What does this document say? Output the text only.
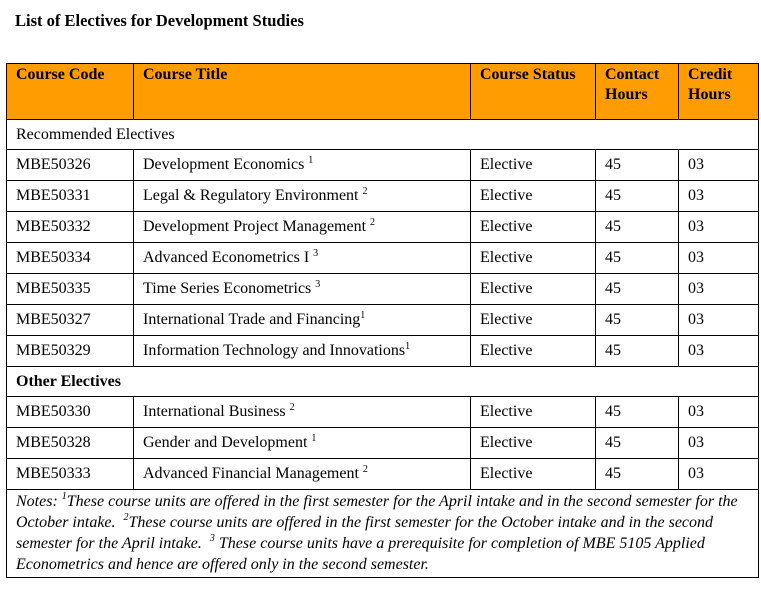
List of Electives for Development Studies
Course Code	Course Title	Course Status	Contact Hours	Credit Hours
Recommended Electives				
MBE50326	Development Economics $^1$	Elective	45	03
MBE50331	Legal & Regulatory Environment $^2$	Elective	45	03
MBE50332	Development Project Management $^2$	Elective	45	03
MBE50334	Advanced Econometrics I $^3$	Elective	45	03
MBE50335	Time Series Econometrics $^3$	Elective	45	03
MBE50327	International Trade and Financing$^1$	Elective	45	03
MBE50329	Information Technology and Innovations$^1$	Elective	45	03
Other Electives				
MBE50330	International Business $^2$	Elective	45	03
MBE50328	Gender and Development $^1$	Elective	45	03
MBE50333	Advanced Financial Management $^2$	Elective	45	03
Notes: $^1$These course units are offered in the first semester for the April intake and in the second semester for the October intake.  $^2$These course units are offered in the first semester for the October intake and in the second semester for the April intake.  $^3$ These course units have a prerequisite for completion of MBE 5105 Applied Econometrics and hence are offered only in the second semester.				
